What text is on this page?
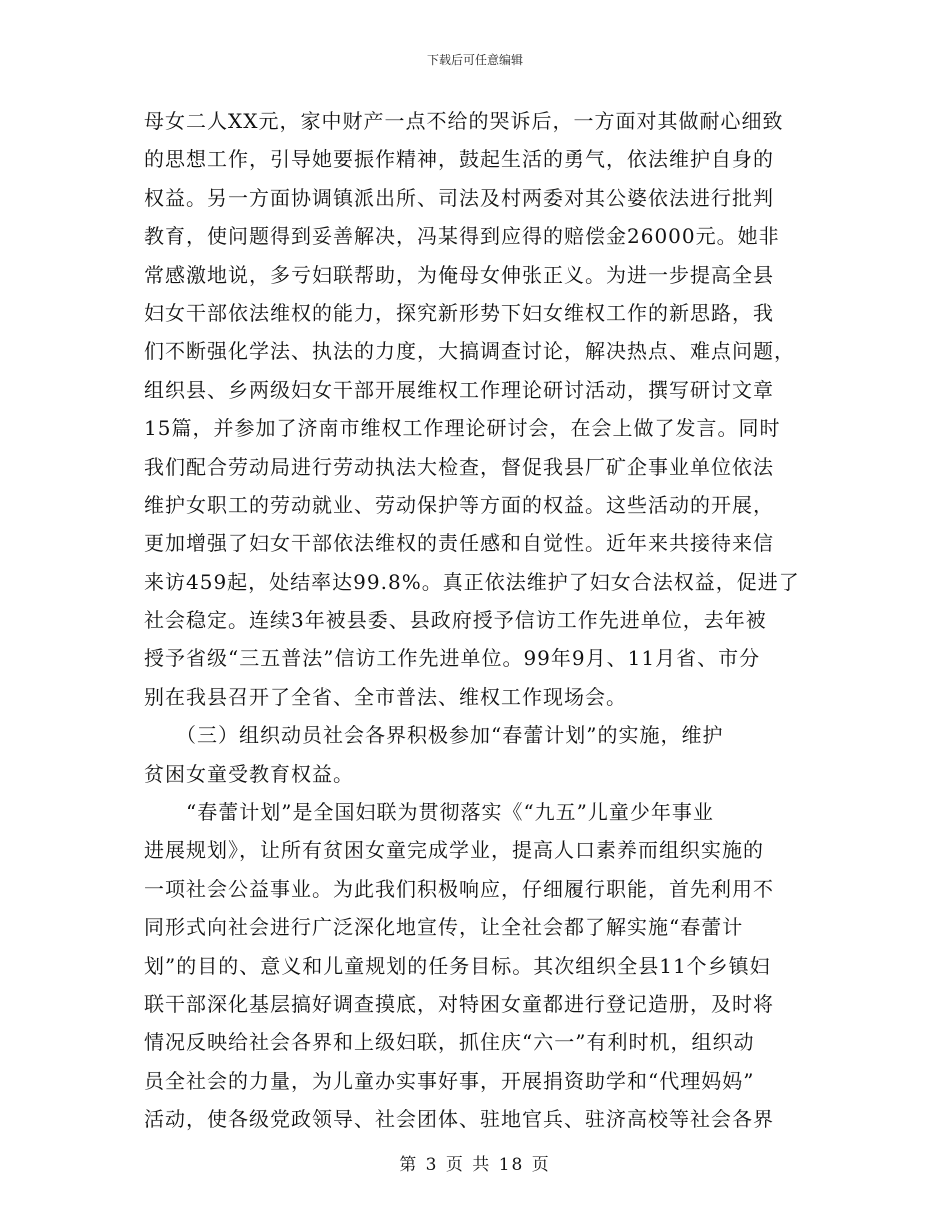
下载后可任意编辑
母女二人XX元，家中财产一点不给的哭诉后，一方面对其做耐心细致
的思想工作，引导她要振作精神，鼓起生活的勇气，依法维护自身的
权益。另一方面协调镇派出所、司法及村两委对其公婆依法进行批判
教育，使问题得到妥善解决，冯某得到应得的赔偿金26000元。她非
常感激地说，多亏妇联帮助，为俺母女伸张正义。为进一步提高全县
妇女干部依法维权的能力，探究新形势下妇女维权工作的新思路，我
们不断强化学法、执法的力度，大搞调查讨论，解决热点、难点问题，
组织县、乡两级妇女干部开展维权工作理论研讨活动，撰写研讨文章
15篇，并参加了济南市维权工作理论研讨会，在会上做了发言。同时
我们配合劳动局进行劳动执法大检查，督促我县厂矿企事业单位依法
维护女职工的劳动就业、劳动保护等方面的权益。这些活动的开展，
更加增强了妇女干部依法维权的责任感和自觉性。近年来共接待来信
来访459起，处结率达99.8%。真正依法维护了妇女合法权益，促进了
社会稳定。连续3年被县委、县政府授予信访工作先进单位，去年被
授予省级“三五普法”信访工作先进单位。99年9月、11月省、市分
别在我县召开了全省、全市普法、维权工作现场会。
　　（三）组织动员社会各界积极参加“春蕾计划”的实施，维护
贫困女童受教育权益。
　　“春蕾计划”是全国妇联为贯彻落实《“九五”儿童少年事业
进展规划》，让所有贫困女童完成学业，提高人口素养而组织实施的
一项社会公益事业。为此我们积极响应，仔细履行职能，首先利用不
同形式向社会进行广泛深化地宣传，让全社会都了解实施“春蕾计
划”的目的、意义和儿童规划的任务目标。其次组织全县11个乡镇妇
联干部深化基层搞好调查摸底，对特困女童都进行登记造册，及时将
情况反映给社会各界和上级妇联，抓住庆“六一”有利时机，组织动
员全社会的力量，为儿童办实事好事，开展捐资助学和“代理妈妈”
活动，使各级党政领导、社会团体、驻地官兵、驻济高校等社会各界
第 3 页 共 18 页
